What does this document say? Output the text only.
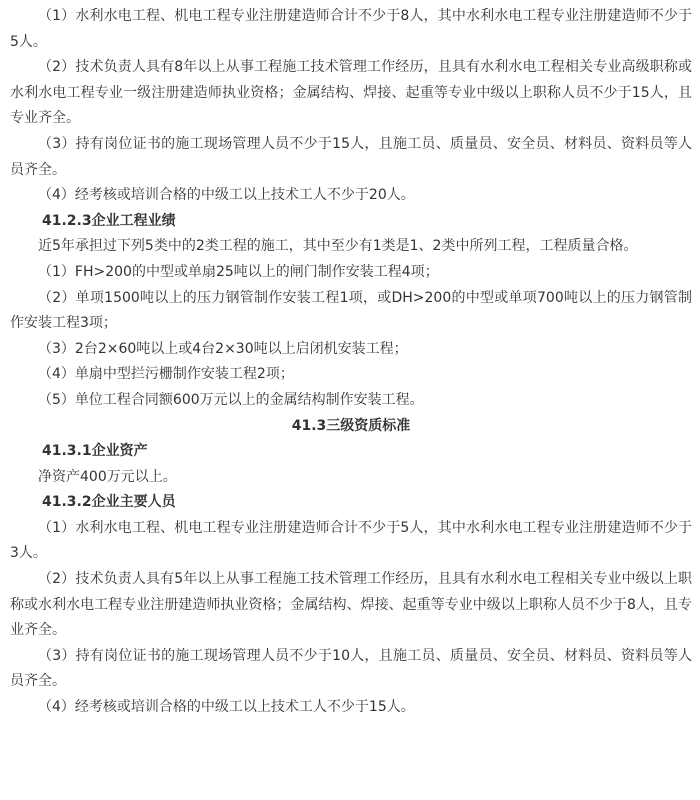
（1）水利水电工程、机电工程专业注册建造师合计不少于8人，其中水利水电工程专业注册建造师不少于5人。

（2）技术负责人具有8年以上从事工程施工技术管理工作经历，且具有水利水电工程相关专业高级职称或水利水电工程专业一级注册建造师执业资格；金属结构、焊接、起重等专业中级以上职称人员不少于15人，且专业齐全。

（3）持有岗位证书的施工现场管理人员不少于15人，且施工员、质量员、安全员、材料员、资料员等人员齐全。

（4）经考核或培训合格的中级工以上技术工人不少于20人。

41.2.3企业工程业绩

近5年承担过下列5类中的2类工程的施工，其中至少有1类是1、2类中所列工程，工程质量合格。

（1）FH>200的中型或单扇25吨以上的闸门制作安装工程4项；

（2）单项1500吨以上的压力钢管制作安装工程1项，或DH>200的中型或单项700吨以上的压力钢管制作安装工程3项；

（3）2台2×60吨以上或4台2×30吨以上启闭机安装工程；

（4）单扇中型拦污栅制作安装工程2项；

（5）单位工程合同额600万元以上的金属结构制作安装工程。

41.3三级资质标准

41.3.1企业资产

净资产400万元以上。

41.3.2企业主要人员

（1）水利水电工程、机电工程专业注册建造师合计不少于5人，其中水利水电工程专业注册建造师不少于3人。

（2）技术负责人具有5年以上从事工程施工技术管理工作经历，且具有水利水电工程相关专业中级以上职称或水利水电工程专业注册建造师执业资格；金属结构、焊接、起重等专业中级以上职称人员不少于8人，且专业齐全。

（3）持有岗位证书的施工现场管理人员不少于10人，且施工员、质量员、安全员、材料员、资料员等人员齐全。

（4）经考核或培训合格的中级工以上技术工人不少于15人。
